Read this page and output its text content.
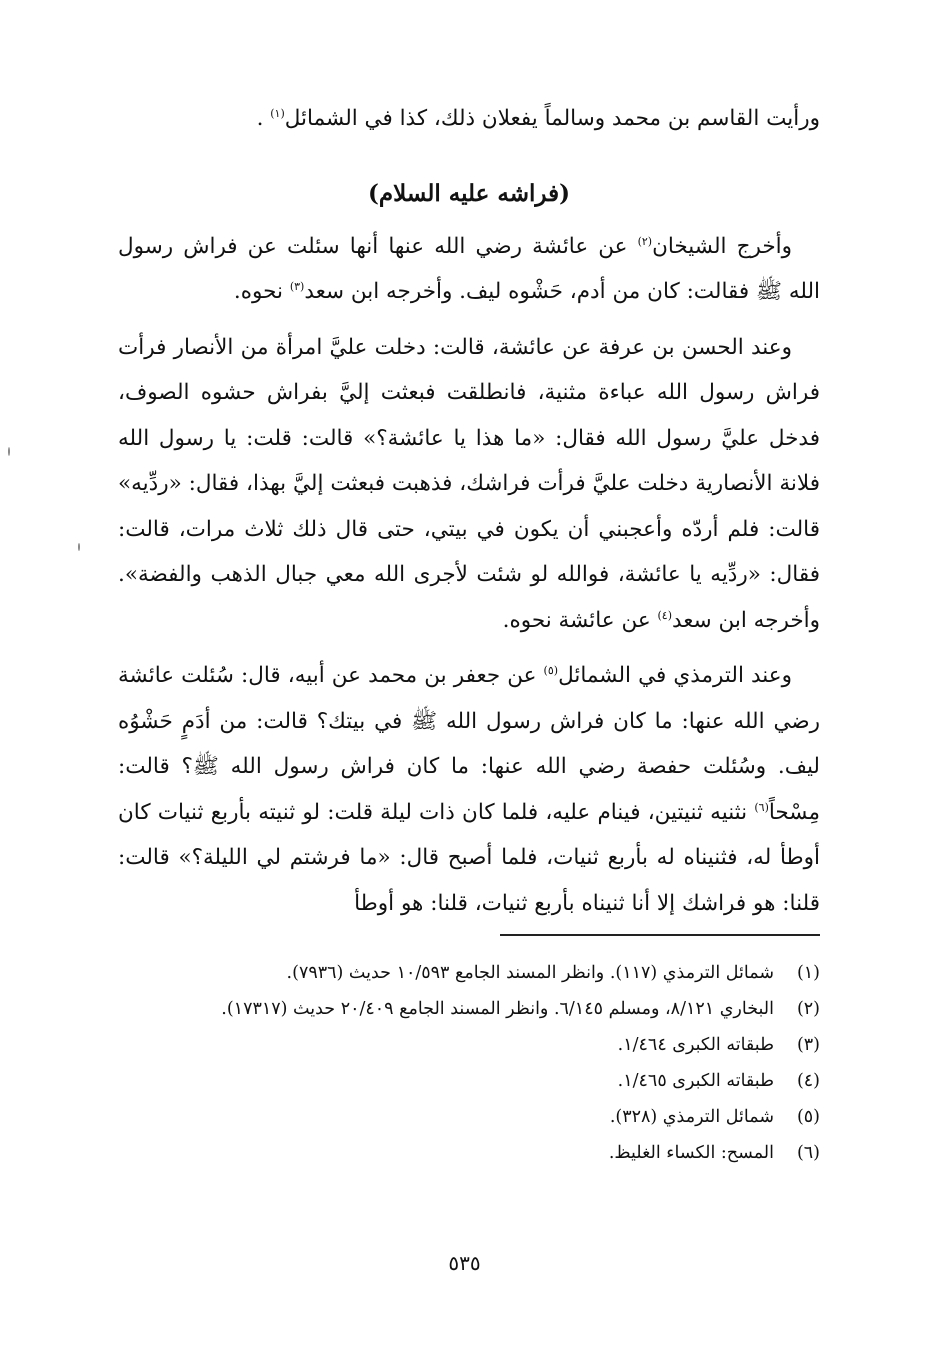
ورأيت القاسم بن محمد وسالماً يفعلان ذلك، كذا في الشمائل$^{(١)}$ .

(فراشه عليه السلام)

وأخرج الشيخان$^{(٢)}$ عن عائشة رضي الله عنها أنها سئلت عن فراش رسول الله ﷺ فقالت: كان من أدم، حَشْوه ليف. وأخرجه ابن سعد$^{(٣)}$ نحوه.

وعند الحسن بن عرفة عن عائشة، قالت: دخلت عليَّ امرأة من الأنصار فرأت فراش رسول الله عباءة مثنية، فانطلقت فبعثت إليَّ بفراش حشوه الصوف، فدخل عليَّ رسول الله فقال: «ما هذا يا عائشة؟» قالت: قلت: يا رسول الله فلانة الأنصارية دخلت عليَّ فرأت فراشك، فذهبت فبعثت إليَّ بهذا، فقال: «ردِّيه» قالت: فلم أردّه وأعجبني أن يكون في بيتي، حتى قال ذلك ثلاث مرات، قالت: فقال: «ردِّيه يا عائشة، فوالله لو شئت لأجرى الله معي جبال الذهب والفضة». وأخرجه ابن سعد$^{(٤)}$ عن عائشة نحوه.

وعند الترمذي في الشمائل$^{(٥)}$ عن جعفر بن محمد عن أبيه، قال: سُئلت عائشة رضي الله عنها: ما كان فراش رسول الله ﷺ في بيتك؟ قالت: من أدَمٍ حَشْوُه ليف. وسُئلت حفصة رضي الله عنها: ما كان فراش رسول الله ﷺ؟ قالت: مِسْحاً$^{(٦)}$ نثنيه ثنيتين، فينام عليه، فلما كان ذات ليلة قلت: لو ثنيته بأربع ثنيات كان أوطأ له، فثنيناه له بأربع ثنيات، فلما أصبح قال: «ما فرشتم لي الليلة؟» قالت: قلنا: هو فراشك إلا أنا ثنيناه بأربع ثنيات، قلنا: هو أوطأ

(١)
شمائل الترمذي (١١٧). وانظر المسند الجامع ١٠/٥٩٣ حديث (٧٩٣٦).
(٢)
البخاري ٨/١٢١، ومسلم ٦/١٤٥. وانظر المسند الجامع ٢٠/٤٠٩ حديث (١٧٣١٧).
(٣)
طبقاته الكبرى ١/٤٦٤.
(٤)
طبقاته الكبرى ١/٤٦٥.
(٥)
شمائل الترمذي (٣٢٨).
(٦)
المسح: الكساء الغليظ.
٥٣٥
